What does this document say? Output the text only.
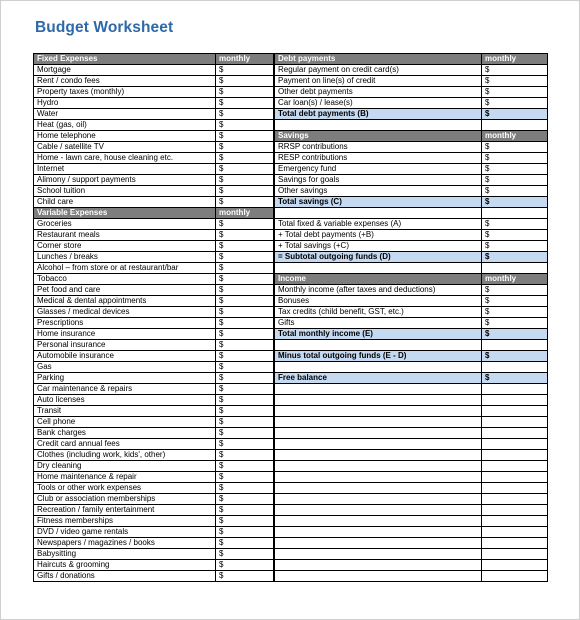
Budget Worksheet
Fixed Expenses	monthly
Mortgage	$
Rent / condo fees	$
Property taxes (monthly)	$
Hydro	$
Water	$
Heat (gas, oil)	$
Home telephone	$
Cable / satellite TV	$
Home - lawn care, house cleaning etc.	$
Internet	$
Alimony / support payments	$
School tuition	$
Child care	$
Variable Expenses	monthly
Groceries	$
Restaurant meals	$
Corner store	$
Lunches / breaks	$
Alcohol – from store or at restaurant/bar	$
Tobacco	$
Pet food and care	$
Medical & dental appointments	$
Glasses / medical devices	$
Prescriptions	$
Home insurance	$
Personal insurance	$
Automobile insurance	$
Gas	$
Parking	$
Car maintenance & repairs	$
Auto licenses	$
Transit	$
Cell phone	$
Bank charges	$
Credit card annual fees	$
Clothes (including work, kids', other)	$
Dry cleaning	$
Home maintenance & repair	$
Tools or other work expenses	$
Club or association memberships	$
Recreation / family entertainment	$
Fitness memberships	$
DVD / video game rentals	$
Newspapers / magazines / books	$
Babysitting	$
Haircuts & grooming	$
Gifts / donations	$
Debt payments	monthly
Regular payment on credit card(s)	$
Payment on line(s) of credit	$
Other debt payments	$
Car loan(s) / lease(s)	$
Total debt payments (B)	$

Savings	monthly
RRSP contributions	$
RESP contributions	$
Emergency fund	$
Savings for goals	$
Other savings	$
Total savings (C)	$

Total fixed & variable expenses (A)	$
+ Total debt payments (+B)	$
+ Total savings (+C)	$
= Subtotal outgoing funds (D)	$

Income	monthly
Monthly income (after taxes and deductions)	$
Bonuses	$
Tax credits (child benefit, GST, etc.)	$
Gifts	$
Total monthly income (E)	$

Minus total outgoing funds (E - D)	$

Free balance	$
